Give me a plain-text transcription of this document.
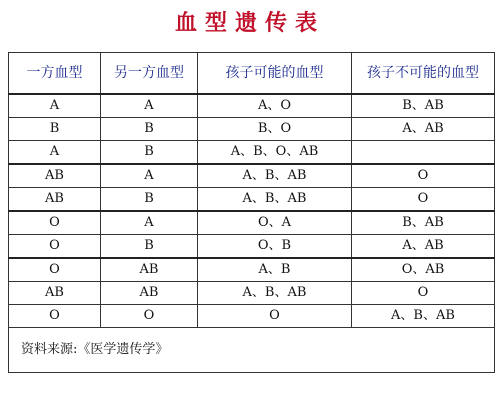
血型遗传表
一方血型	另一方血型	孩子可能的血型	孩子不可能的血型
A	A	A、O	B、AB
B	B	B、O	A、AB
A	B	A、B、O、AB	
AB	A	A、B、AB	O
AB	B	A、B、AB	O
O	A	O、A	B、AB
O	B	O、B	A、AB
O	AB	A、B	O、AB
AB	AB	A、B、AB	O
O	O	O	A、B、AB
资料来源:《医学遗传学》			
